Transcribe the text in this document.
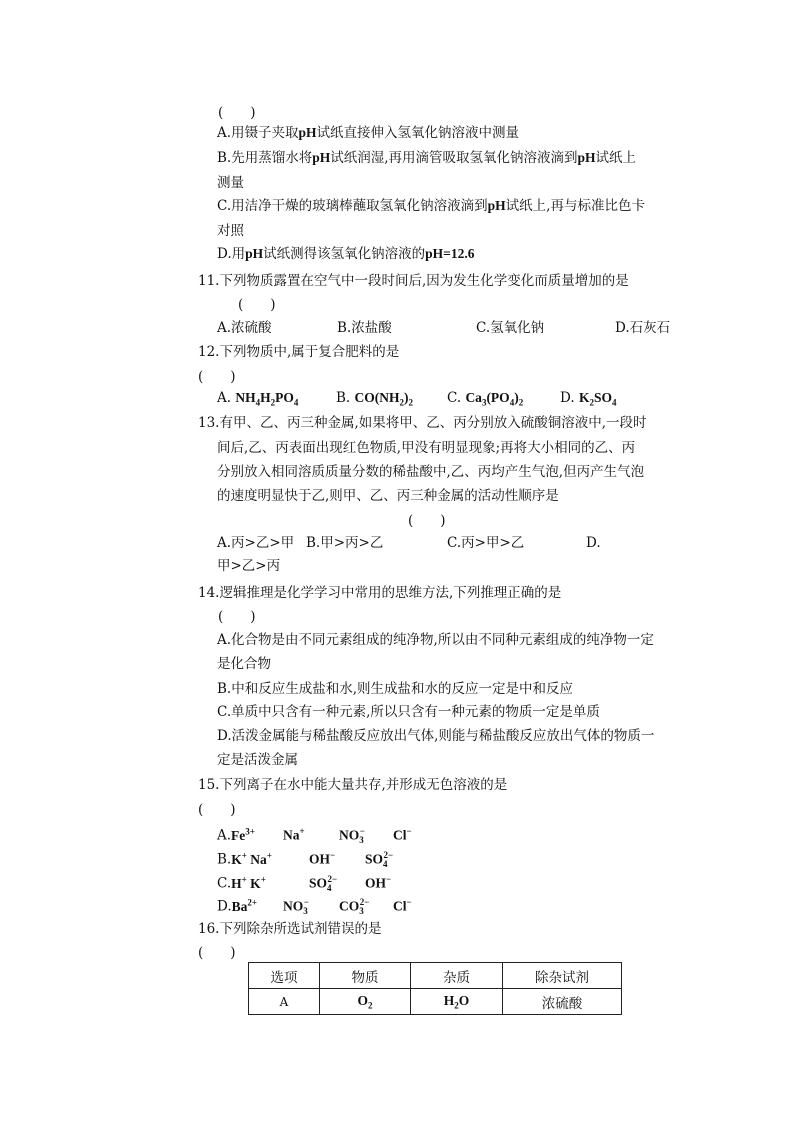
(　　)
A.用镊子夹取pH试纸直接伸入氢氧化钠溶液中测量
B.先用蒸馏水将pH试纸润湿,再用滴管吸取氢氧化钠溶液滴到pH试纸上
测量
C.用洁净干燥的玻璃棒蘸取氢氧化钠溶液滴到pH试纸上,再与标准比色卡
对照
D.用pH试纸测得该氢氧化钠溶液的pH=12.6
11.下列物质露置在空气中一段时间后,因为发生化学变化而质量增加的是
(　　)
A.浓硫酸	B.浓盐酸	C.氢氧化钠	D.石灰石
12.下列物质中,属于复合肥料的是
(　　)
A. $NH_4H_2PO_4$	B. $CO(NH_2)_2$	C. $Ca_3(PO_4)_2$	D. $K_2SO_4$
13.有甲、乙、丙三种金属,如果将甲、乙、丙分别放入硫酸铜溶液中,一段时
间后,乙、丙表面出现红色物质,甲没有明显现象;再将大小相同的乙、丙
分别放入相同溶质质量分数的稀盐酸中,乙、丙均产生气泡,但丙产生气泡
的速度明显快于乙,则甲、乙、丙三种金属的活动性顺序是
(　　)
A.丙>乙>甲 B.甲>丙>乙	C.丙>甲>乙	D.
甲>乙>丙
14.逻辑推理是化学学习中常用的思维方法,下列推理正确的是
(　　)
A.化合物是由不同元素组成的纯净物,所以由不同种元素组成的纯净物一定
是化合物
B.中和反应生成盐和水,则生成盐和水的反应一定是中和反应
C.单质中只含有一种元素,所以只含有一种元素的物质一定是单质
D.活泼金属能与稀盐酸反应放出气体,则能与稀盐酸反应放出气体的物质一
定是活泼金属
15.下列离子在水中能大量共存,并形成无色溶液的是
(　　)
$A.Fe^{3+}$ Na+	$NO_3^-$ Cl−
B.K+ Na+	OH− $SO_4^{2-}$
C.H+ K+	$SO_4^{2-}$ OH−
$D.Ba^{2+}$ $NO_3^-$ $CO_3^{2-}$ Cl−
16.下列除杂所选试剂错误的是
(　　)
选项	物质	杂质	除杂试剂
A	$O_2$	$H_2O$	浓硫酸
